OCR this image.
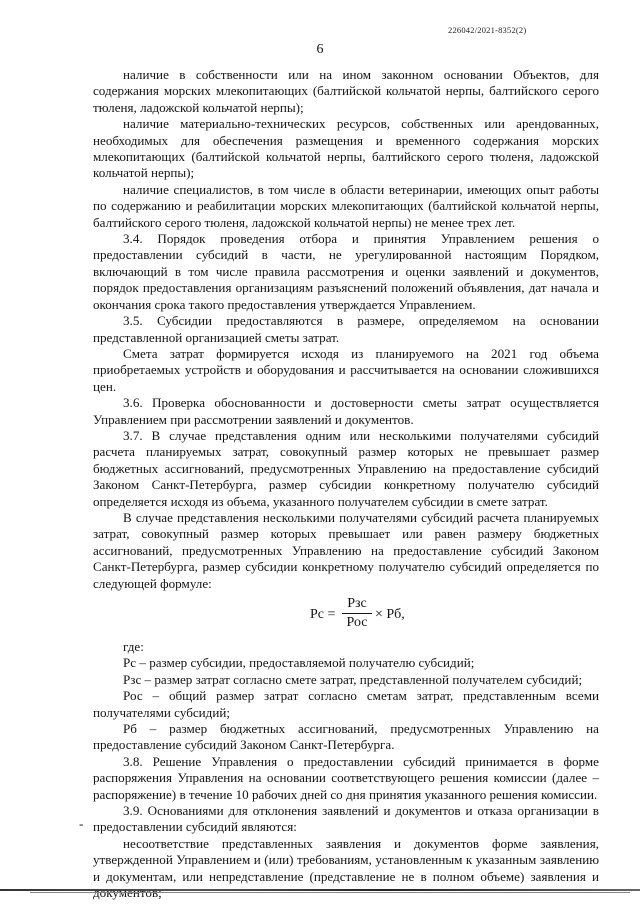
226042/2021-8352(2)
6

наличие в собственности или на ином законном основании Объектов, для содержания морских млекопитающих (балтийской кольчатой нерпы, балтийского серого тюленя, ладожской кольчатой нерпы);

наличие материально-технических ресурсов, собственных или арендованных, необходимых для обеспечения размещения и временного содержания морских млекопитающих (балтийской кольчатой нерпы, балтийского серого тюленя, ладожской кольчатой нерпы);

наличие специалистов, в том числе в области ветеринарии, имеющих опыт работы по содержанию и реабилитации морских млекопитающих (балтийской кольчатой нерпы, балтийского серого тюленя, ладожской кольчатой нерпы) не менее трех лет.

3.4. Порядок проведения отбора и принятия Управлением решения о предоставлении субсидий в части, не урегулированной настоящим Порядком, включающий в том числе правила рассмотрения и оценки заявлений и документов, порядок предоставления организациям разъяснений положений объявления, дат начала и окончания срока такого предоставления утверждается Управлением.

3.5. Субсидии предоставляются в размере, определяемом на основании представленной организацией сметы затрат.

Смета затрат формируется исходя из планируемого на 2021 год объема приобретаемых устройств и оборудования и рассчитывается на основании сложившихся цен.

3.6. Проверка обоснованности и достоверности сметы затрат осуществляется Управлением при рассмотрении заявлений и документов.

3.7. В случае представления одним или несколькими получателями субсидий расчета планируемых затрат, совокупный размер которых не превышает размер бюджетных ассигнований, предусмотренных Управлению на предоставление субсидий Законом Санкт-Петербурга, размер субсидии конкретному получателю субсидий определяется исходя из объема, указанного получателем субсидии в смете затрат.

В случае представления несколькими получателями субсидий расчета планируемых затрат, совокупный размер которых превышает или равен размеру бюджетных ассигнований, предусмотренных Управлению на предоставление субсидий Законом Санкт-Петербурга, размер субсидии конкретному получателю субсидий определяется по следующей формуле:

Рс =
Рзс
Рос
× Рб,

где:

Рс – размер субсидии, предоставляемой получателю субсидий;

Рзс – размер затрат согласно смете затрат, представленной получателем субсидий;

Рос – общий размер затрат согласно сметам затрат, представленным всеми получателями субсидий;

Рб – размер бюджетных ассигнований, предусмотренных Управлению на предоставление субсидий Законом Санкт-Петербурга.

3.8. Решение Управления о предоставлении субсидий принимается в форме распоряжения Управления на основании соответствующего решения комиссии (далее – распоряжение) в течение 10 рабочих дней со дня принятия указанного решения комиссии.

3.9. Основаниями для отклонения заявлений и документов и отказа организации в предоставлении субсидий являются:

несоответствие представленных заявления и документов форме заявления, утвержденной Управлением и (или) требованиям, установленным к указанным заявлению и документам, или непредставление (представление не в полном объеме) заявления и

-
